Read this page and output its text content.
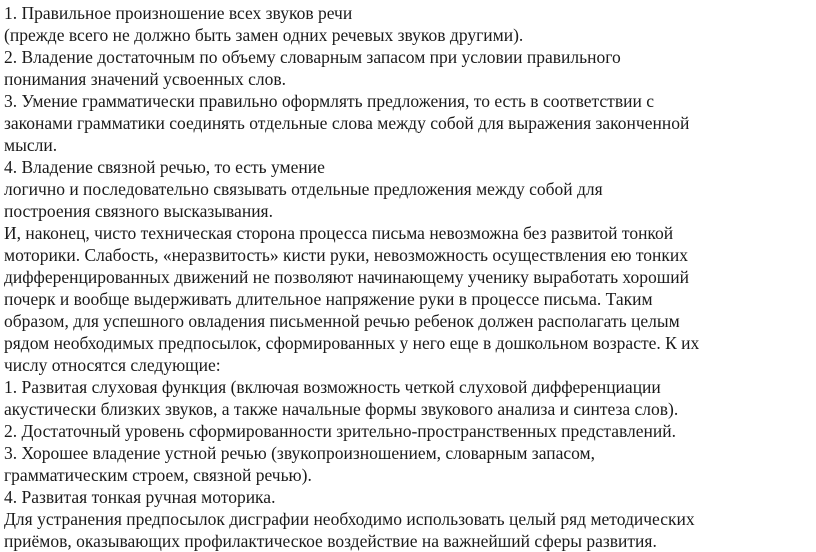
1. Правильное произношение всех звуков речи
(прежде всего не должно быть замен одних речевых звуков другими).
2. Владение достаточным по объему словарным запасом при условии правильного
понимания значений усвоенных слов.
3. Умение грамматически правильно оформлять предложения, то есть в соответствии с
законами грамматики соединять отдельные слова между собой для выражения законченной
мысли.
4. Владение связной речью, то есть умение
логично и последовательно связывать отдельные предложения между собой для
построения связного высказывания.
И, наконец, чисто техническая сторона процесса письма невозможна без развитой тонкой
моторики. Слабость, «неразвитость» кисти руки, невозможность осуществления ею тонких
дифференцированных движений не позволяют начинающему ученику выработать хороший
почерк и вообще выдерживать длительное напряжение руки в процессе письма. Таким
образом, для успешного овладения письменной речью ребенок должен располагать целым
рядом необходимых предпосылок, сформированных у него еще в дошкольном возрасте. К их
числу относятся следующие:
1. Развитая слуховая функция (включая возможность четкой слуховой дифференциации
акустически близких звуков, а также начальные формы звукового анализа и синтеза слов).
2. Достаточный уровень сформированности зрительно-пространственных представлений.
3. Хорошее владение устной речью (звукопроизношением, словарным запасом,
грамматическим строем, связной речью).
4. Развитая тонкая ручная моторика.
Для устранения предпосылок дисграфии необходимо использовать целый ряд методических
приёмов, оказывающих профилактическое воздействие на важнейший сферы развития.
